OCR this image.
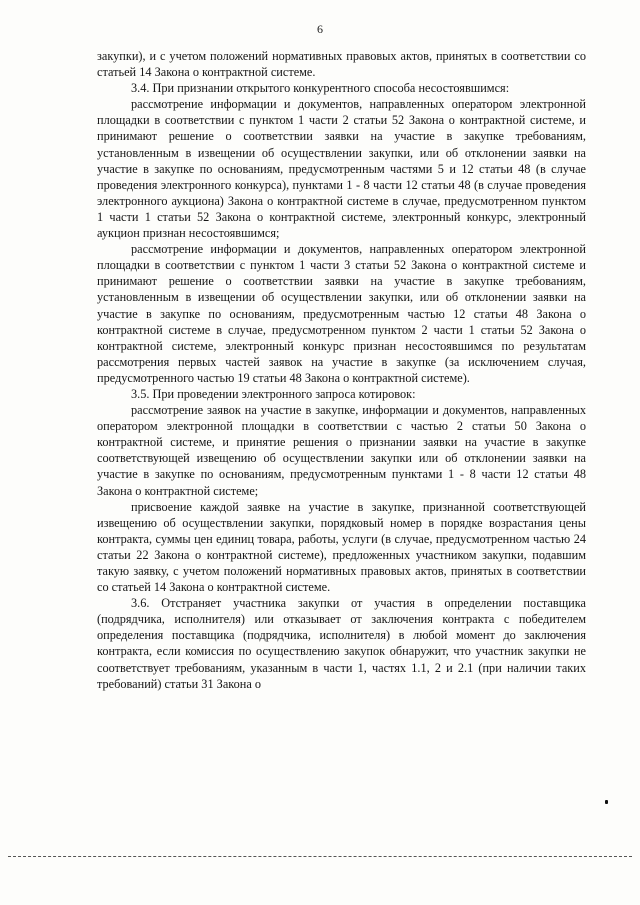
6

закупки), и с учетом положений нормативных правовых актов, принятых в соответствии со статьей 14 Закона о контрактной системе.

3.4. При признании открытого конкурентного способа несостоявшимся:

рассмотрение информации и документов, направленных оператором электронной площадки в соответствии с пунктом 1 части 2 статьи 52 Закона о контрактной системе, и принимают решение о соответствии заявки на участие в закупке требованиям, установленным в извещении об осуществлении закупки, или об отклонении заявки на участие в закупке по основаниям, предусмотренным частями 5 и 12 статьи 48 (в случае проведения электронного конкурса), пунктами 1 - 8 части 12 статьи 48 (в случае проведения электронного аукциона) Закона о контрактной системе в случае, предусмотренном пунктом 1 части 1 статьи 52 Закона о контрактной системе, электронный конкурс, электронный аукцион признан несостоявшимся;

рассмотрение информации и документов, направленных оператором электронной площадки в соответствии с пунктом 1 части 3 статьи 52 Закона о контрактной системе и принимают решение о соответствии заявки на участие в закупке требованиям, установленным в извещении об осуществлении закупки, или об отклонении заявки на участие в закупке по основаниям, предусмотренным частью 12 статьи 48 Закона о контрактной системе в случае, предусмотренном пунктом 2 части 1 статьи 52 Закона о контрактной системе, электронный конкурс признан несостоявшимся по результатам рассмотрения первых частей заявок на участие в закупке (за исключением случая, предусмотренного частью 19 статьи 48 Закона о контрактной системе).

3.5. При проведении электронного запроса котировок:

рассмотрение заявок на участие в закупке, информации и документов, направленных оператором электронной площадки в соответствии с частью 2 статьи 50 Закона о контрактной системе, и принятие решения о признании заявки на участие в закупке соответствующей извещению об осуществлении закупки или об отклонении заявки на участие в закупке по основаниям, предусмотренным пунктами 1 - 8 части 12 статьи 48 Закона о контрактной системе;

присвоение каждой заявке на участие в закупке, признанной соответствующей извещению об осуществлении закупки, порядковый номер в порядке возрастания цены контракта, суммы цен единиц товара, работы, услуги (в случае, предусмотренном частью 24 статьи 22 Закона о контрактной системе), предложенных участником закупки, подавшим такую заявку, с учетом положений нормативных правовых актов, принятых в соответствии со статьей 14 Закона о контрактной системе.

3.6. Отстраняет участника закупки от участия в определении поставщика (подрядчика, исполнителя) или отказывает от заключения контракта с победителем определения поставщика (подрядчика, исполнителя) в любой момент до заключения контракта, если комиссия по осуществлению закупок обнаружит, что участник закупки не соответствует требованиям, указанным в части 1, частях 1.1, 2 и 2.1 (при наличии таких требований) статьи 31 Закона о
